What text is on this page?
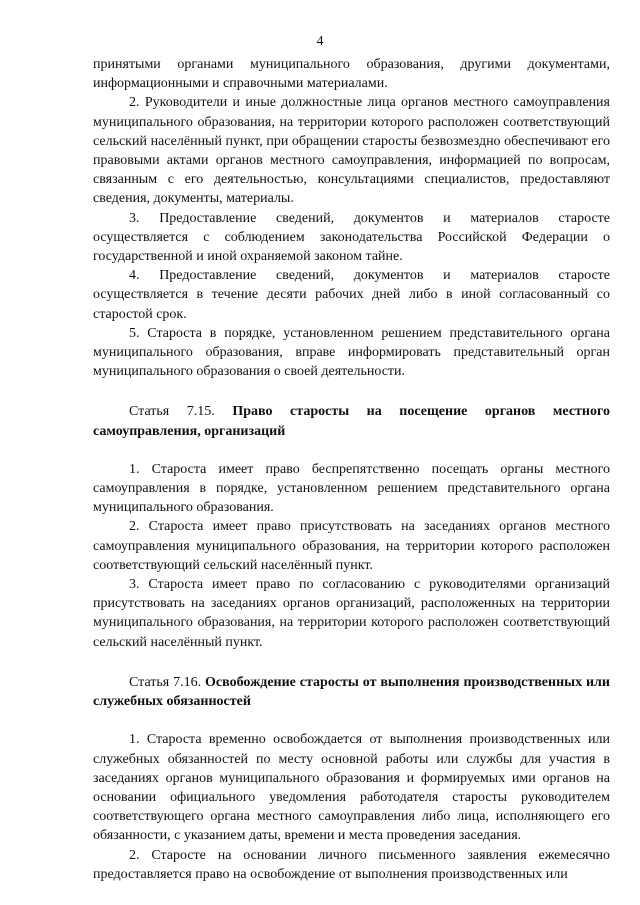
4

принятыми органами муниципального образования, другими документами, информационными и справочными материалами.

2. Руководители и иные должностные лица органов местного самоуправления муниципального образования, на территории которого расположен соответствующий сельский населённый пункт, при обращении старосты безвозмездно обеспечивают его правовыми актами органов местного самоуправления, информацией по вопросам, связанным с его деятельностью, консультациями специалистов, предоставляют сведения, документы, материалы.

3. Предоставление сведений, документов и материалов старосте осуществляется с соблюдением законодательства Российской Федерации о государственной и иной охраняемой законом тайне.

4. Предоставление сведений, документов и материалов старосте осуществляется в течение десяти рабочих дней либо в иной согласованный со старостой срок.

5. Староста в порядке, установленном решением представительного органа муниципального образования, вправе информировать представительный орган муниципального образования о своей деятельности.

Статья 7.15. Право старосты на посещение органов местного самоуправления, организаций

1. Староста имеет право беспрепятственно посещать органы местного самоуправления в порядке, установленном решением представительного органа муниципального образования.

2. Староста имеет право присутствовать на заседаниях органов местного самоуправления муниципального образования, на территории которого расположен соответствующий сельский населённый пункт.

3. Староста имеет право по согласованию с руководителями организаций присутствовать на заседаниях органов организаций, расположенных на территории муниципального образования, на территории которого расположен соответствующий сельский населённый пункт.

Статья 7.16. Освобождение старосты от выполнения производственных или служебных обязанностей

1. Староста временно освобождается от выполнения производственных или служебных обязанностей по месту основной работы или службы для участия в заседаниях органов муниципального образования и формируемых ими органов на основании официального уведомления работодателя старосты руководителем соответствующего органа местного самоуправления либо лица, исполняющего его обязанности, с указанием даты, времени и места проведения заседания.

2. Старосте на основании личного письменного заявления ежемесячно предоставляется право на освобождение от выполнения производственных или
